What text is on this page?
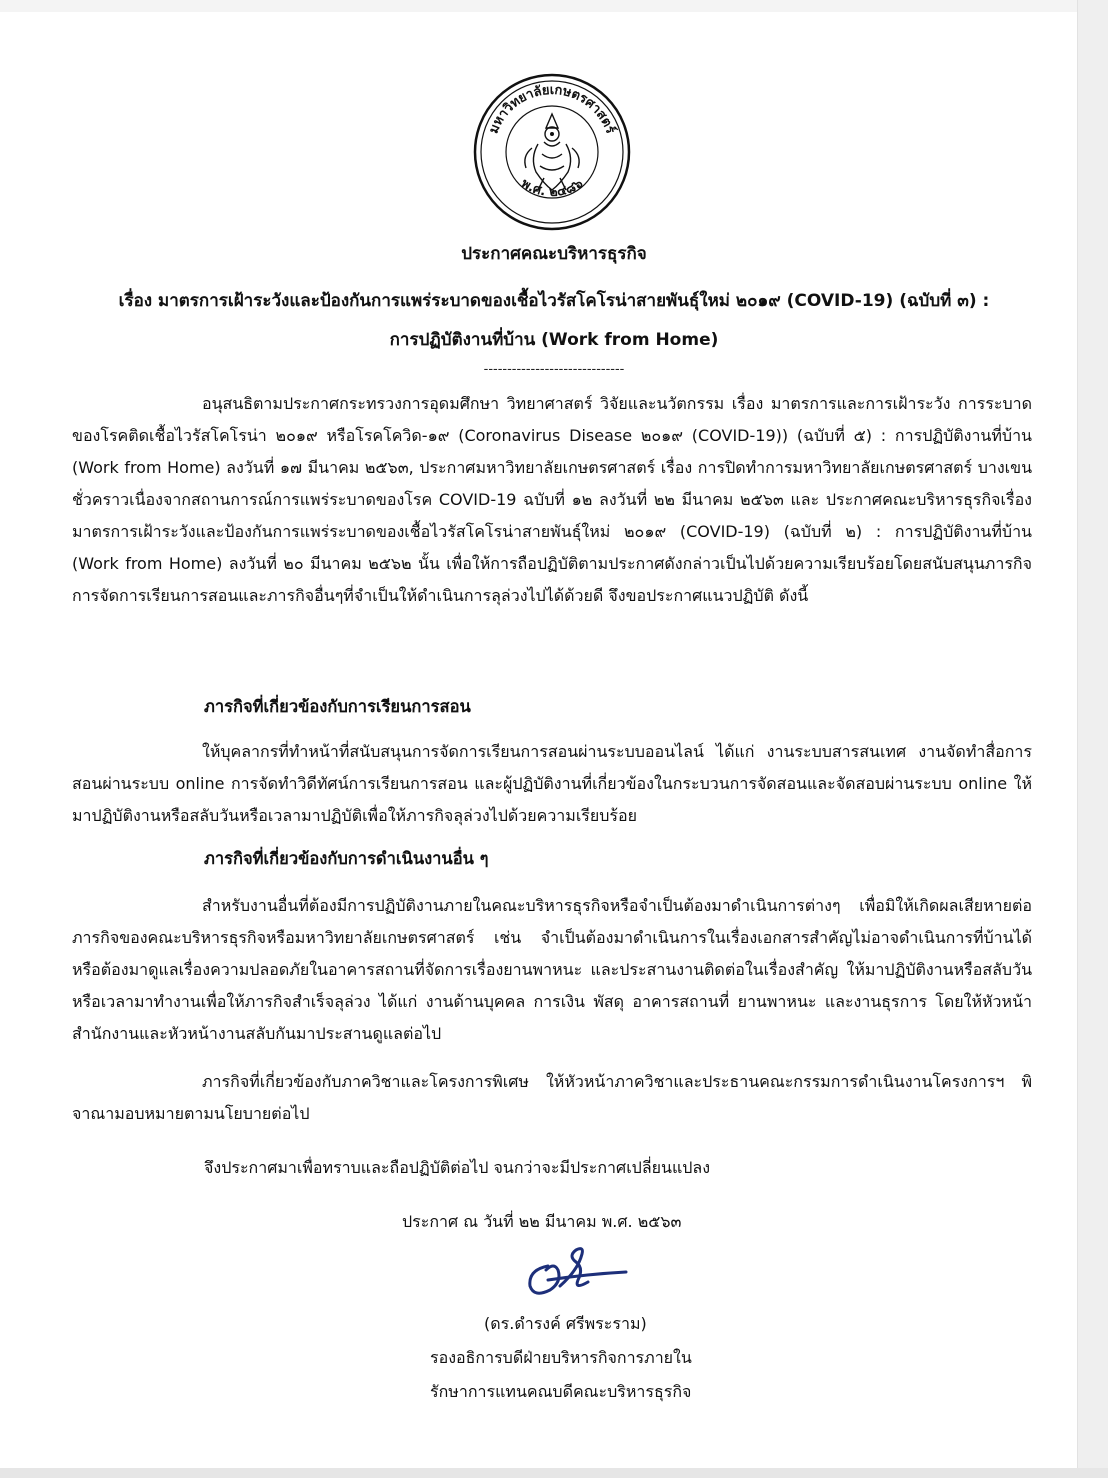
มหาวิทยาลัยเกษตรศาสตร์
พ.ศ. ๒๔๘๖
ประกาศคณะบริหารธุรกิจ
เรื่อง มาตรการเฝ้าระวังและป้องกันการแพร่ระบาดของเชื้อไวรัสโคโรน่าสายพันธุ์ใหม่ ๒๐๑๙ (COVID-19) (ฉบับที่ ๓) :
การปฏิบัติงานที่บ้าน (Work from Home)
------------------------------
อนุสนธิตามประกาศกระทรวงการอุดมศึกษา วิทยาศาสตร์ วิจัยและนวัตกรรม เรื่อง มาตรการและการเฝ้าระวัง การระบาดของโรคติดเชื้อไวรัสโคโรน่า ๒๐๑๙ หรือโรคโควิด-๑๙ (Coronavirus Disease ๒๐๑๙ (COVID-19)) (ฉบับที่ ๕) : การปฏิบัติงานที่บ้าน (Work from Home) ลงวันที่ ๑๗ มีนาคม ๒๕๖๓, ประกาศมหาวิทยาลัยเกษตรศาสตร์ เรื่อง การปิดทำการมหาวิทยาลัยเกษตรศาสตร์ บางเขน ชั่วคราวเนื่องจากสถานการณ์การแพร่ระบาดของโรค COVID-19 ฉบับที่ ๑๒ ลงวันที่ ๒๒ มีนาคม ๒๕๖๓ และ ประกาศคณะบริหารธุรกิจเรื่อง มาตรการเฝ้าระวังและป้องกันการแพร่ระบาดของเชื้อไวรัสโคโรน่าสายพันธุ์ใหม่ ๒๐๑๙ (COVID-19) (ฉบับที่ ๒) : การปฏิบัติงานที่บ้าน (Work from Home) ลงวันที่ ๒๐ มีนาคม ๒๕๖๒ นั้น เพื่อให้การถือปฏิบัติตามประกาศดังกล่าวเป็นไปด้วยความเรียบร้อยโดยสนับสนุนภารกิจการจัดการเรียนการสอนและภารกิจอื่นๆที่จำเป็นให้ดำเนินการลุล่วงไปได้ด้วยดี จึงขอประกาศแนวปฏิบัติ ดังนี้
ภารกิจที่เกี่ยวข้องกับการเรียนการสอน
ให้บุคลากรที่ทำหน้าที่สนับสนุนการจัดการเรียนการสอนผ่านระบบออนไลน์ ได้แก่ งานระบบสารสนเทศ งานจัดทำสื่อการสอนผ่านระบบ online การจัดทำวิดีทัศน์การเรียนการสอน และผู้ปฏิบัติงานที่เกี่ยวข้องในกระบวนการจัดสอนและจัดสอบผ่านระบบ online ให้มาปฏิบัติงานหรือสลับวันหรือเวลามาปฏิบัติเพื่อให้ภารกิจลุล่วงไปด้วยความเรียบร้อย
ภารกิจที่เกี่ยวข้องกับการดำเนินงานอื่น ๆ
สำหรับงานอื่นที่ต้องมีการปฏิบัติงานภายในคณะบริหารธุรกิจหรือจำเป็นต้องมาดำเนินการต่างๆ เพื่อมิให้เกิดผลเสียหายต่อภารกิจของคณะบริหารธุรกิจหรือมหาวิทยาลัยเกษตรศาสตร์ เช่น จำเป็นต้องมาดำเนินการในเรื่องเอกสารสำคัญไม่อาจดำเนินการที่บ้านได้ หรือต้องมาดูแลเรื่องความปลอดภัยในอาคารสถานที่จัดการเรื่องยานพาหนะ และประสานงานติดต่อในเรื่องสำคัญ ให้มาปฏิบัติงานหรือสลับวันหรือเวลามาทำงานเพื่อให้ภารกิจสำเร็จลุล่วง ได้แก่ งานด้านบุคคล การเงิน พัสดุ อาคารสถานที่ ยานพาหนะ และงานธุรการ โดยให้หัวหน้าสำนักงานและหัวหน้างานสลับกันมาประสานดูแลต่อไป
ภารกิจที่เกี่ยวข้องกับภาควิชาและโครงการพิเศษ ให้หัวหน้าภาควิชาและประธานคณะกรรมการดำเนินงานโครงการฯ พิจาณามอบหมายตามนโยบายต่อไป
จึงประกาศมาเพื่อทราบและถือปฏิบัติต่อไป จนกว่าจะมีประกาศเปลี่ยนแปลง
ประกาศ ณ วันที่ ๒๒ มีนาคม พ.ศ. ๒๕๖๓
(ดร.ดำรงค์ ศรีพระราม)
รองอธิการบดีฝ่ายบริหารกิจการภายใน
รักษาการแทนคณบดีคณะบริหารธุรกิจ
